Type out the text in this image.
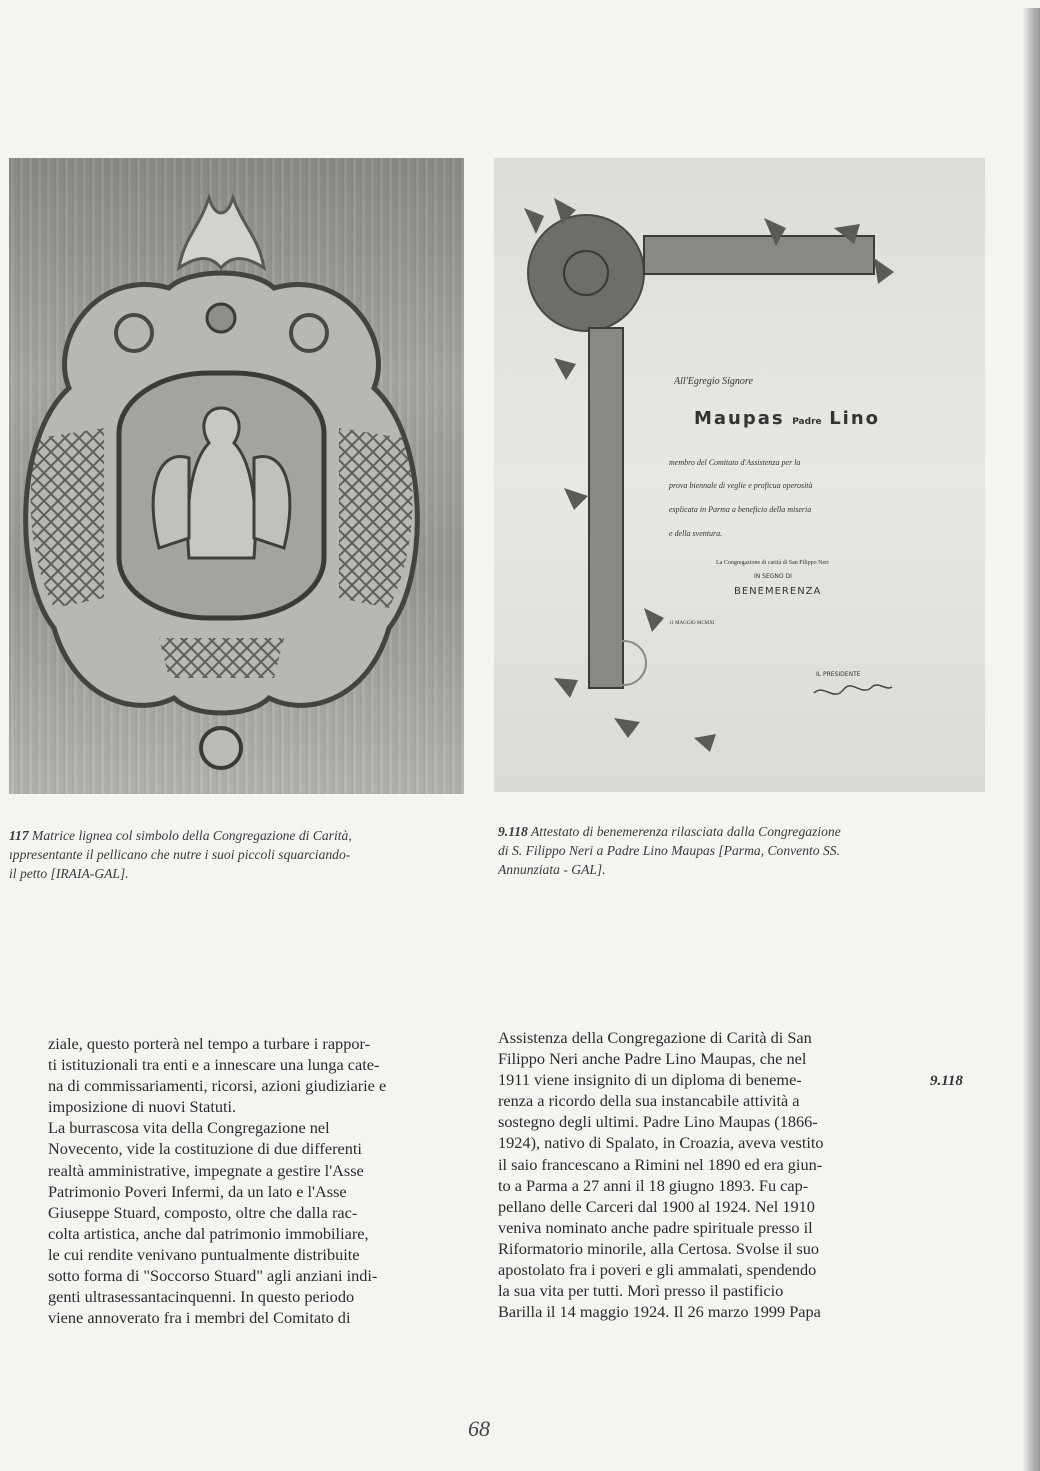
All'Egregio Signore
Maupas Padre Lino
membro del Comitato d'Assistenza per la
prova biennale di veglie e proficua operosità
esplicata in Parma a beneficio della miseria
e della sventura.
La Congregazione di carità di San Filippo Neri
IN SEGNO DI
BENEMERENZA
11 MAGGIO MCMXI
IL PRESIDENTE

117 Matrice lignea col simbolo della Congregazione di Carità,

ıppresentante il pellicano che nutre i suoi piccoli squarciando-

il petto [IRAIA-GAL].

9.118 Attestato di benemerenza rilasciata dalla Congregazione

di S. Filippo Neri a Padre Lino Maupas [Parma, Convento SS.

Annunziata - GAL].

ziale, questo porterà nel tempo a turbare i rappor-

ti istituzionali tra enti e a innescare una lunga cate-

na di commissariamenti, ricorsi, azioni giudiziarie e

imposizione di nuovi Statuti.

La burrascosa vita della Congregazione nel

Novecento, vide la costituzione di due differenti

realtà amministrative, impegnate a gestire l'Asse

Patrimonio Poveri Infermi, da un lato e l'Asse

Giuseppe Stuard, composto, oltre che dalla rac-

colta artistica, anche dal patrimonio immobiliare,

le cui rendite venivano puntualmente distribuite

sotto forma di "Soccorso Stuard" agli anziani indi-

genti ultrasessantacinquenni. In questo periodo

viene annoverato fra i membri del Comitato di

Assistenza della Congregazione di Carità di San

Filippo Neri anche Padre Lino Maupas, che nel

1911 viene insignito di un diploma di beneme-

renza a ricordo della sua instancabile attività a

sostegno degli ultimi. Padre Lino Maupas (1866-

1924), nativo di Spalato, in Croazia, aveva vestito

il saio francescano a Rimini nel 1890 ed era giun-

to a Parma a 27 anni il 18 giugno 1893. Fu cap-

pellano delle Carceri dal 1900 al 1924. Nel 1910

veniva nominato anche padre spirituale presso il

Riformatorio minorile, alla Certosa. Svolse il suo

apostolato fra i poveri e gli ammalati, spendendo

la sua vita per tutti. Morì presso il pastificio

Barilla il 14 maggio 1924. Il 26 marzo 1999 Papa

9.118
68
